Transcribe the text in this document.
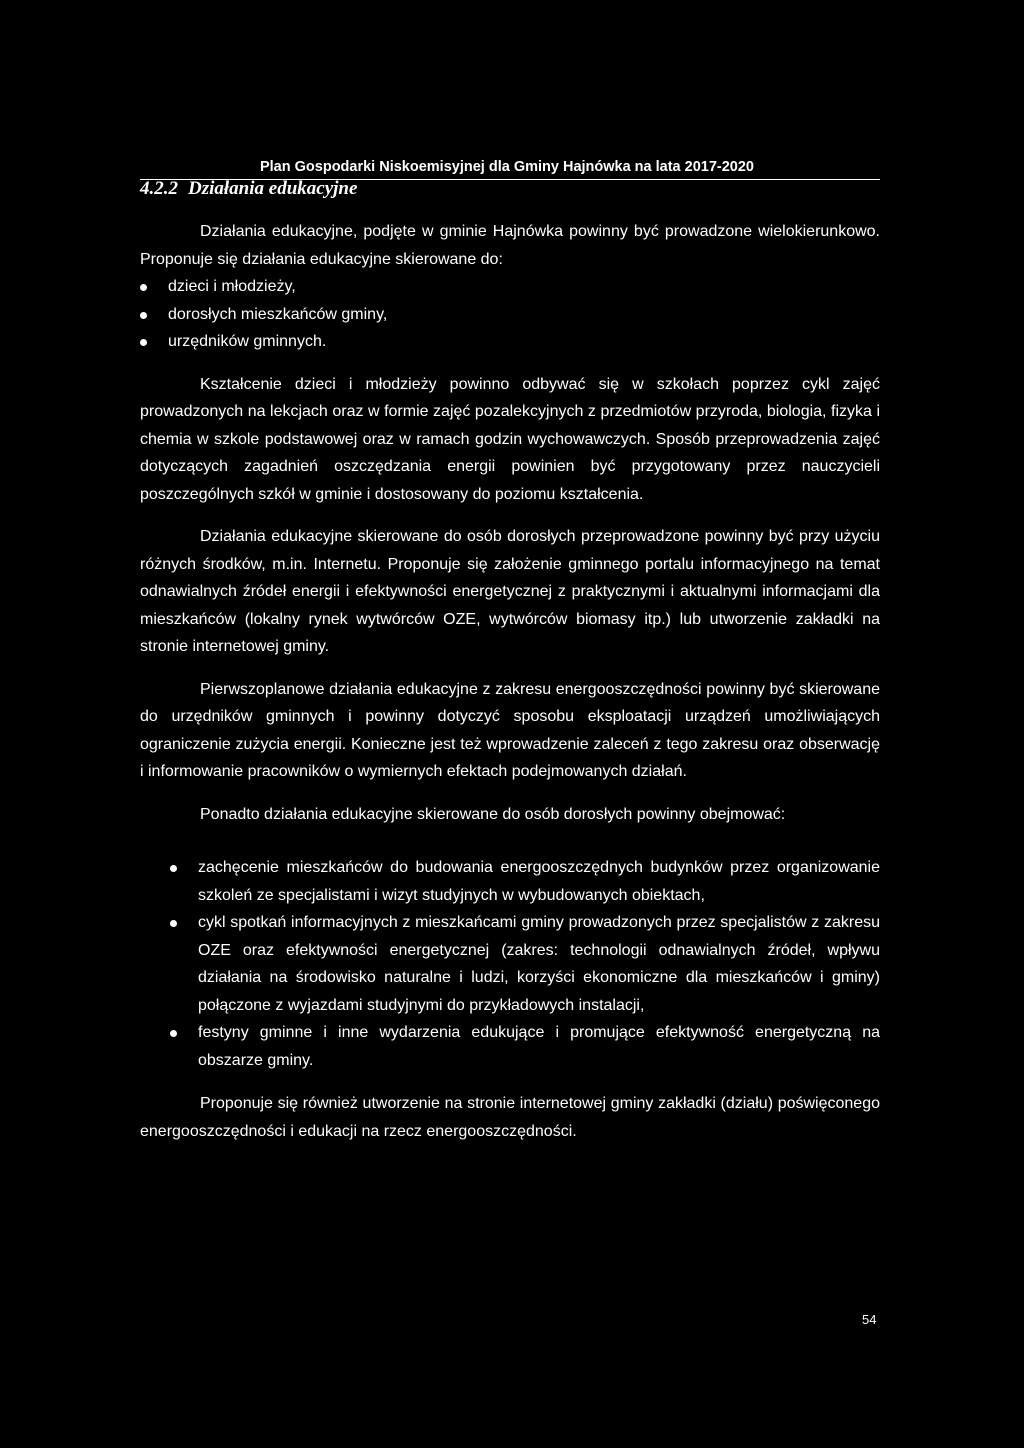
Plan Gospodarki Niskoemisyjnej dla Gminy Hajnówka na lata 2017-2020
4.2.2 Działania edukacyjne

Działania edukacyjne, podjęte w gminie Hajnówka powinny być prowadzone wielokierunkowo. Proponuje się działania edukacyjne skierowane do:

dzieci i młodzieży,
dorosłych mieszkańców gminy,
urzędników gminnych.

Kształcenie dzieci i młodzieży powinno odbywać się w szkołach poprzez cykl zajęć prowadzonych na lekcjach oraz w formie zajęć pozalekcyjnych z przedmiotów przyroda, biologia, fizyka i chemia w szkole podstawowej oraz w ramach godzin wychowawczych. Sposób przeprowadzenia zajęć dotyczących zagadnień oszczędzania energii powinien być przygotowany przez nauczycieli poszczególnych szkół w gminie i dostosowany do poziomu kształcenia.

Działania edukacyjne skierowane do osób dorosłych przeprowadzone powinny być przy użyciu różnych środków, m.in. Internetu. Proponuje się założenie gminnego portalu informacyjnego na temat odnawialnych źródeł energii i efektywności energetycznej z praktycznymi i aktualnymi informacjami dla mieszkańców (lokalny rynek wytwórców OZE, wytwórców biomasy itp.) lub utworzenie zakładki na stronie internetowej gminy.

Pierwszoplanowe działania edukacyjne z zakresu energooszczędności powinny być skierowane do urzędników gminnych i powinny dotyczyć sposobu eksploatacji urządzeń umożliwiających ograniczenie zużycia energii. Konieczne jest też wprowadzenie zaleceń z tego zakresu oraz obserwację i informowanie pracowników o wymiernych efektach podejmowanych działań.

Ponadto działania edukacyjne skierowane do osób dorosłych powinny obejmować:

zachęcenie mieszkańców do budowania energooszczędnych budynków przez organizowanie szkoleń ze specjalistami i wizyt studyjnych w wybudowanych obiektach,
cykl spotkań informacyjnych z mieszkańcami gminy prowadzonych przez specjalistów z zakresu OZE oraz efektywności energetycznej (zakres: technologii odnawialnych źródeł, wpływu działania na środowisko naturalne i ludzi, korzyści ekonomiczne dla mieszkańców i gminy) połączone z wyjazdami studyjnymi do przykładowych instalacji,
festyny gminne i inne wydarzenia edukujące i promujące efektywność energetyczną na obszarze gminy.

Proponuje się również utworzenie na stronie internetowej gminy zakładki (działu) poświęconego energooszczędności i edukacji na rzecz energooszczędności.

54
